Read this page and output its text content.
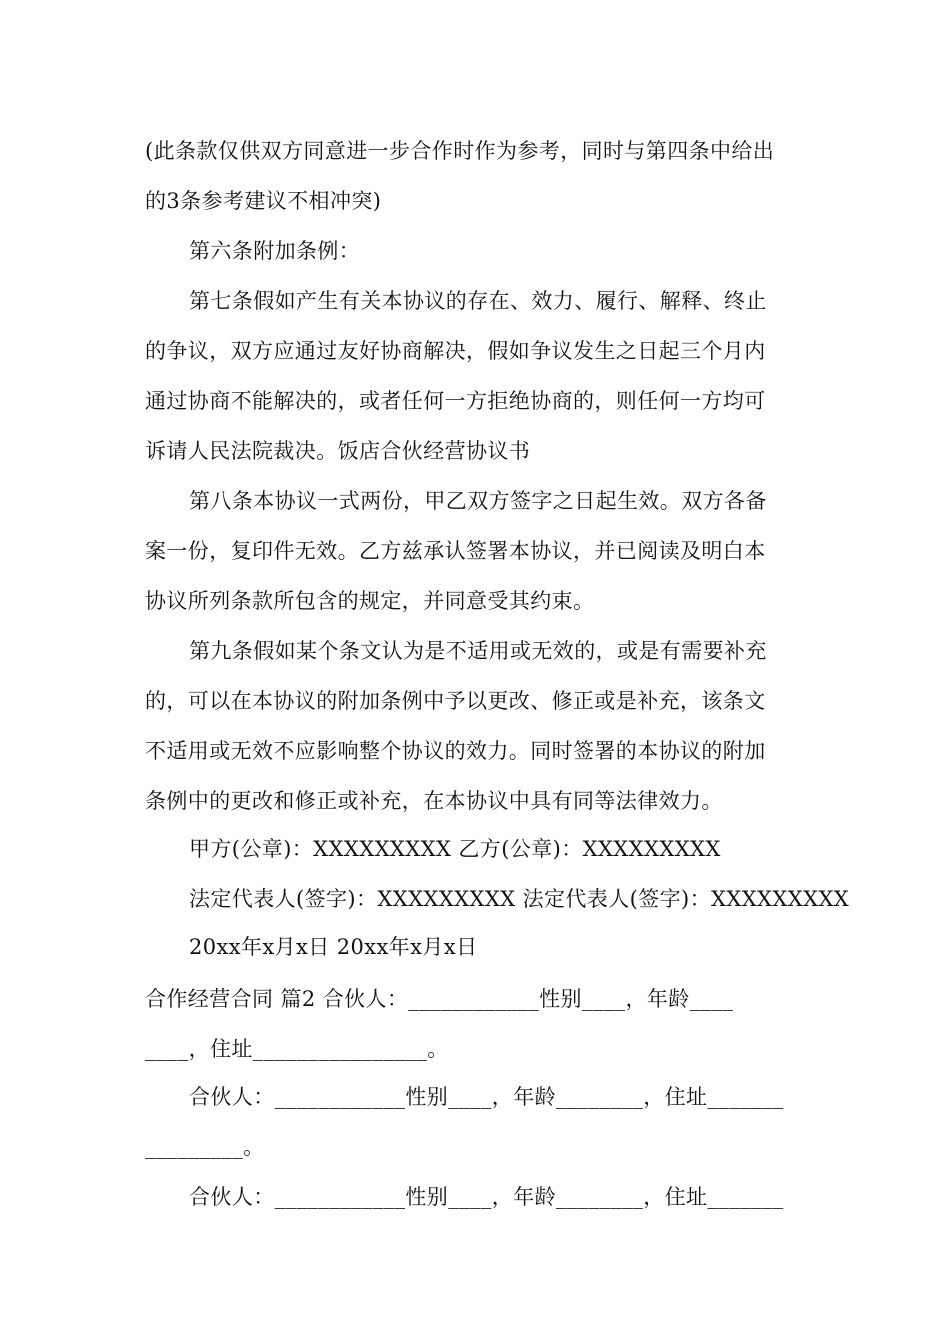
(此条款仅供双方同意进一步合作时作为参考，同时与第四条中给出
的3条参考建议不相冲突)
第六条附加条例：
第七条假如产生有关本协议的存在、效力、履行、解释、终止
的争议，双方应通过友好协商解决，假如争议发生之日起三个月内
通过协商不能解决的，或者任何一方拒绝协商的，则任何一方均可
诉请人民法院裁决。饭店合伙经营协议书
第八条本协议一式两份，甲乙双方签字之日起生效。双方各备
案一份，复印件无效。乙方兹承认签署本协议，并已阅读及明白本
协议所列条款所包含的规定，并同意受其约束。
第九条假如某个条文认为是不适用或无效的，或是有需要补充
的，可以在本协议的附加条例中予以更改、修正或是补充，该条文
不适用或无效不应影响整个协议的效力。同时签署的本协议的附加
条例中的更改和修正或补充，在本协议中具有同等法律效力。
甲方(公章)：XXXXXXXXX 乙方(公章)：XXXXXXXXX
法定代表人(签字)：XXXXXXXXX 法定代表人(签字)：XXXXXXXXX
20xx年x月x日 20xx年x月x日
合作经营合同 篇2 合伙人：____________性别____，年龄____
____，住址________________。
合伙人：____________性别____，年龄________，住址_______
_________。
合伙人：____________性别____，年龄________，住址_______
